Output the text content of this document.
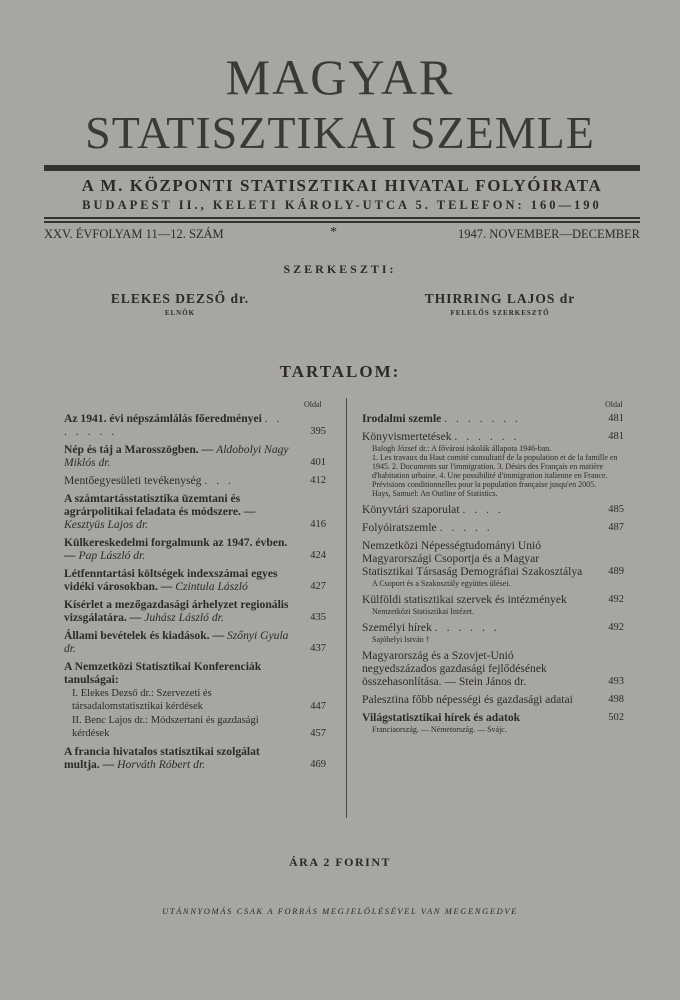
MAGYAR
STATISZTIKAI SZEMLE
A M. KÖZPONTI STATISZTIKAI HIVATAL FOLYÓIRATA
BUDAPEST II., KELETI KÁROLY-UTCA 5. TELEFON: 160—190
XXV. ÉVFOLYAM 11—12. SZÁM	*	1947. NOVEMBER—DECEMBER
SZERKESZTI:
ELEKES DEZSŐ dr.
ELNÖK
THIRRING LAJOS dr
FELELŐS SZERKESZTŐ
TARTALOM:
Oldal	Oldal
Az 1941. évi népszámlálás főeredményei . . . . . . .	395
Nép és táj a Marosszögben. — Aldobolyi Nagy Miklós dr.	401
Mentőegyesületi tevékenység . . .	412
A számtartásstatisztika üzemtani és agrárpolitikai feladata és módszere. — Kesztyüs Lajos dr.	416
Külkereskedelmi forgalmunk az 1947. évben. — Pap László dr.	424
Létfenntartási költségek indexszámai egyes vidéki városokban. — Czintula László	427
Kísérlet a mezőgazdasági árhelyzet regionális vizsgálatára. — Juhász László dr.	435
Állami bevételek és kiadások. — Szőnyi Gyula dr.	437
A Nemzetközi Statisztikai Konferenciák tanulságai:
I. Elekes Dezső dr.: Szervezeti és társadalomstatisztikai kérdések	447
II. Benc Lajos dr.: Módszertani és gazdasági kérdések	457
A francia hivatalos statisztikai szolgálat multja. — Horváth Róbert dr.	469
Irodalmi szemle . . . . . . .	481
Könyvismertetések . . . . . .	481
Balogh József dr.: A fővárosi iskolák állapota 1946-ban.
1. Les travaux du Haut comité consultatif de la population et de la famille en 1945. 2. Documents sur l'immigration. 3. Désirs des Français en matière d'habitation urbaine. 4. Une possibilité d'immigration italienne en France.
Prévisions conditionnelles pour la population française jusqu'en 2005.
Hays, Samuel: An Outline of Statistics.
Könyvtári szaporulat . . . .	485
Folyóiratszemle . . . . .	487
Nemzetközi Népességtudományi Unió Magyarországi Csoportja és a Magyar Statisztikai Társaság Demográfiai Szakosztálya 489
A Csoport és a Szakosztály együttes ülései.
Külföldi statisztikai szervek és intézmények	492
Nemzetközi Statisztikai Intézet.
Személyi hírek . . . . . .	492
Sajóhelyi István †
Magyarország és a Szovjet-Unió negyedszázados gazdasági fejlődésének összehasonlítása. — Stein János dr.	493
Palesztina főbb népességi és gazdasági adatai	498
Világstatisztikai hírek és adatok	502
Franciaország. — Németország. — Svájc.
ÁRA 2 FORINT
UTÁNNYOMÁS CSAK A FORRÁS MEGJELÖLÉSÉVEL VAN MEGENGEDVE
